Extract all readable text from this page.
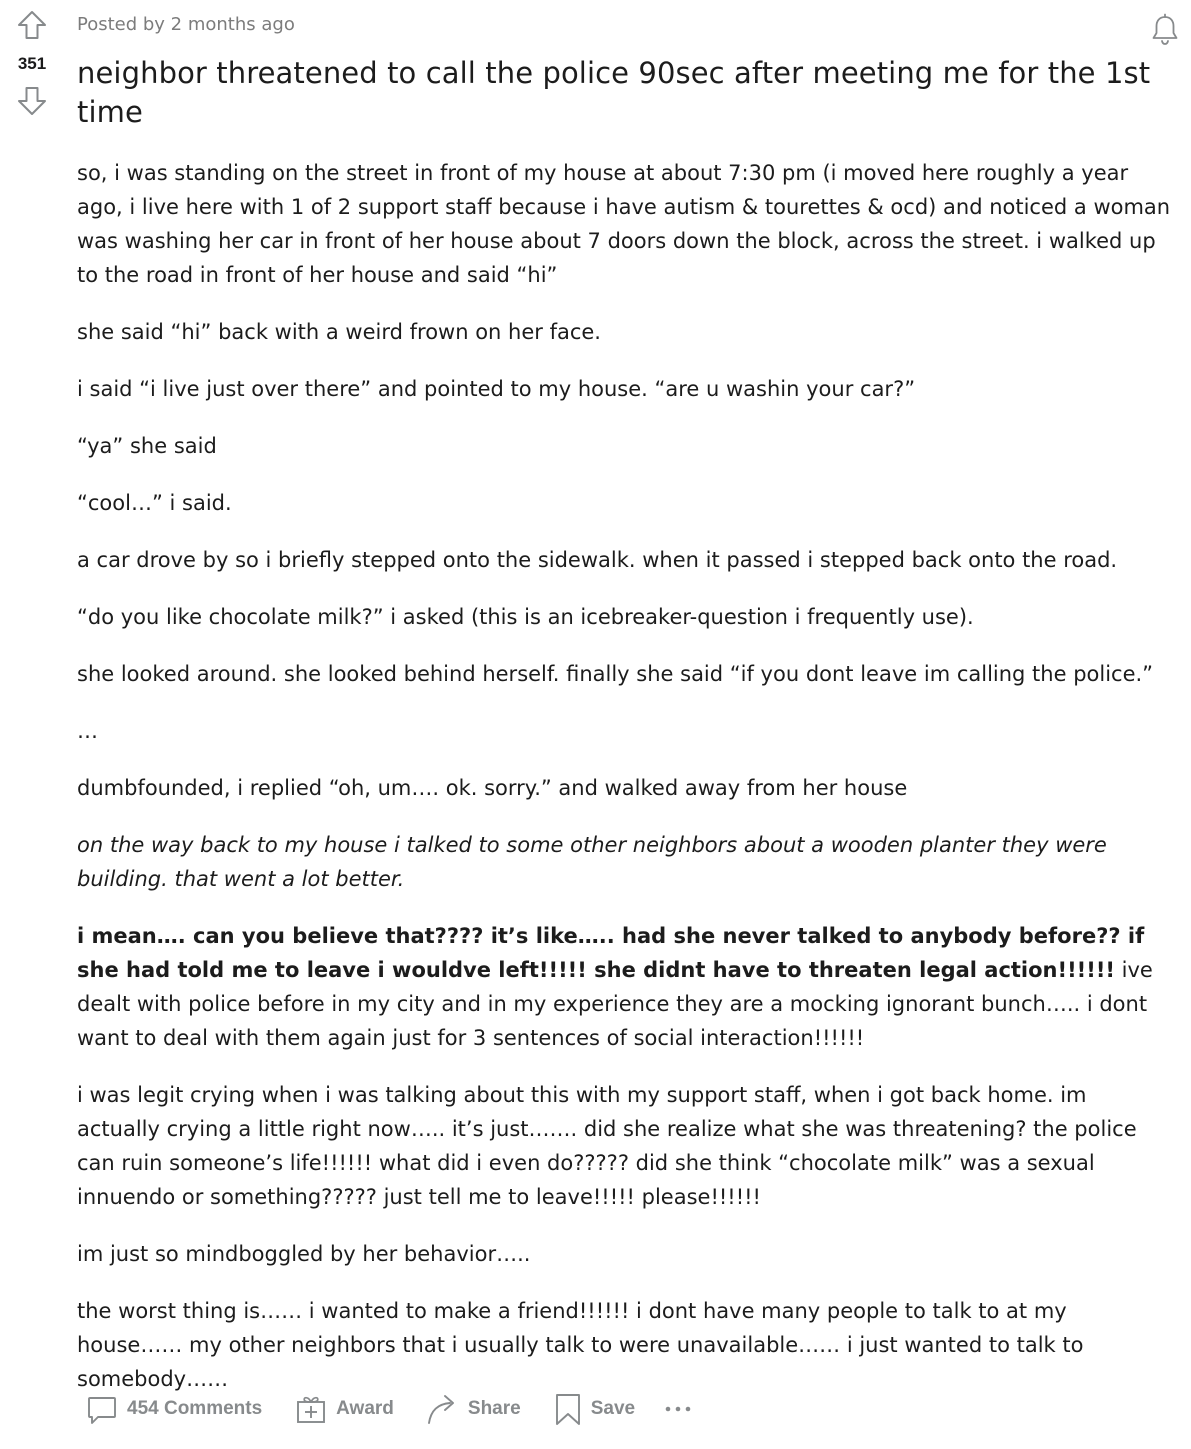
351
Posted by 2 months ago
neighbor threatened to call the police 90sec after meeting me for the 1st time

so, i was standing on the street in front of my house at about 7:30 pm (i moved here roughly a year ago, i live here with 1 of 2 support staff because i have autism & tourettes & ocd) and noticed a woman was washing her car in front of her house about 7 doors down the block, across the street. i walked up to the road in front of her house and said “hi”

she said “hi” back with a weird frown on her face.

i said “i live just over there” and pointed to my house. “are u washin your car?”

“ya” she said

“cool…” i said.

a car drove by so i briefly stepped onto the sidewalk. when it passed i stepped back onto the road.

“do you like chocolate milk?” i asked (this is an icebreaker-question i frequently use).

she looked around. she looked behind herself. finally she said “if you dont leave im calling the police.”

…

dumbfounded, i replied “oh, um…. ok. sorry.” and walked away from her house

on the way back to my house i talked to some other neighbors about a wooden planter they were building. that went a lot better.

i mean…. can you believe that???? it’s like….. had she never talked to anybody before?? if she had told me to leave i wouldve left!!!!! she didnt have to threaten legal action!!!!!! ive dealt with police before in my city and in my experience they are a mocking ignorant bunch….. i dont want to deal with them again just for 3 sentences of social interaction!!!!!!

i was legit crying when i was talking about this with my support staff, when i got back home. im actually crying a little right now….. it’s just……. did she realize what she was threatening? the police can ruin someone’s life!!!!!! what did i even do????? did she think “chocolate milk” was a sexual innuendo or something????? just tell me to leave!!!!! please!!!!!!

im just so mindboggled by her behavior…..

the worst thing is…… i wanted to make a friend!!!!!! i dont have many people to talk to at my house…… my other neighbors that i usually talk to were unavailable…… i just wanted to talk to somebody……

454 Comments	Award	Share	Save
